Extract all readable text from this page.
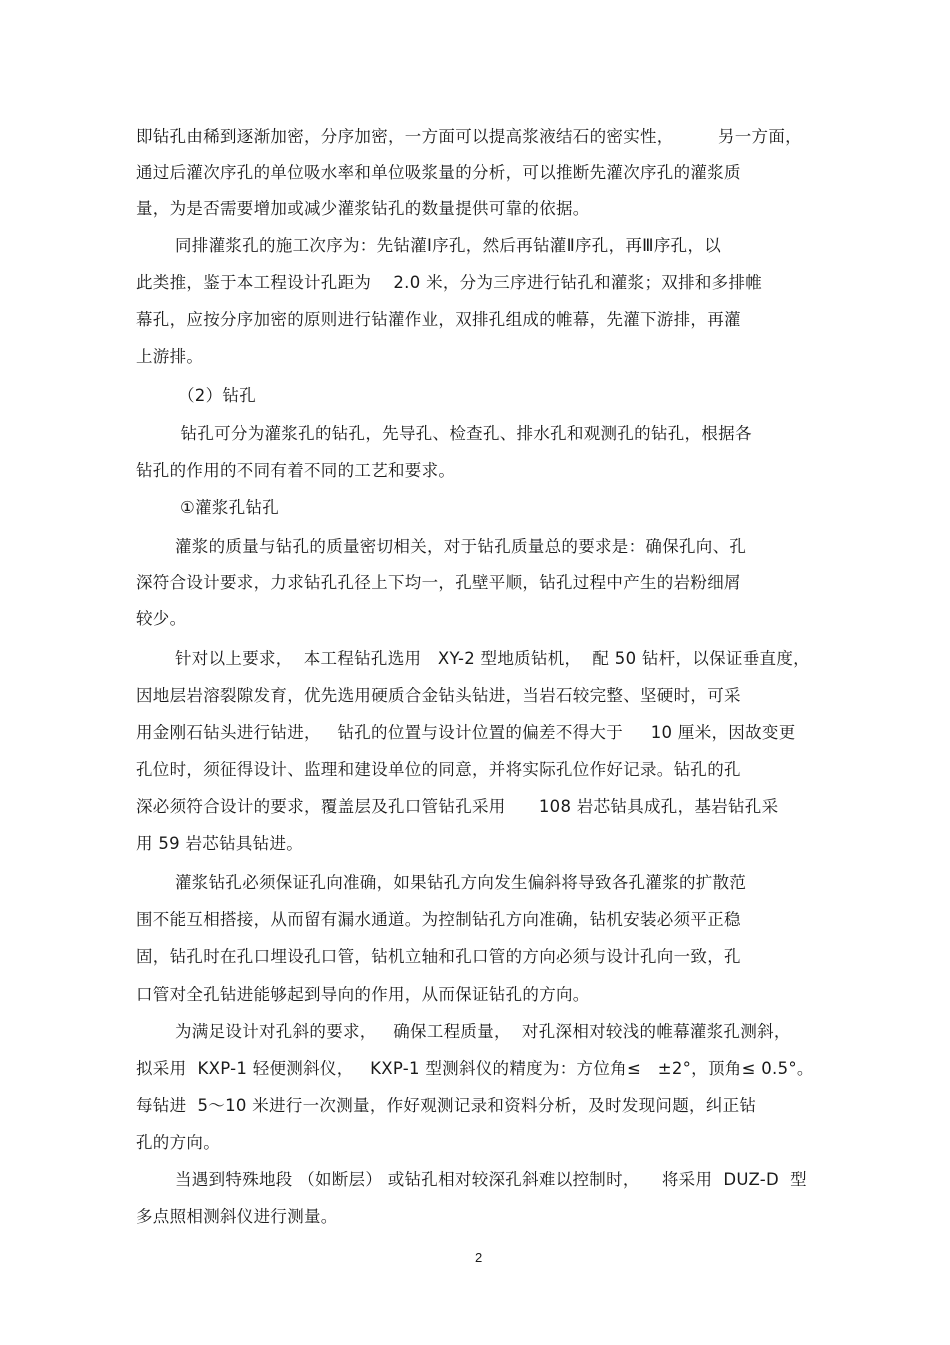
即钻孔由稀到逐渐加密，分序加密，一方面可以提高浆液结石的密实性，        另一方面，
通过后灌次序孔的单位吸水率和单位吸浆量的分析，可以推断先灌次序孔的灌浆质
量，为是否需要增加或减少灌浆钻孔的数量提供可靠的依据。
同排灌浆孔的施工次序为：先钻灌Ⅰ序孔，然后再钻灌Ⅱ序孔，再Ⅲ序孔，以
此类推，鉴于本工程设计孔距为    2.0 米，分为三序进行钻孔和灌浆；双排和多排帷
幕孔，应按分序加密的原则进行钻灌作业，双排孔组成的帷幕，先灌下游排，再灌
上游排。
（2）钻孔
钻孔可分为灌浆孔的钻孔，先导孔、检查孔、排水孔和观测孔的钻孔，根据各
钻孔的作用的不同有着不同的工艺和要求。
①灌浆孔钻孔
灌浆的质量与钻孔的质量密切相关，对于钻孔质量总的要求是：确保孔向、孔
深符合设计要求，力求钻孔孔径上下均一，孔壁平顺，钻孔过程中产生的岩粉细屑
较少。
针对以上要求，  本工程钻孔选用   XY-2 型地质钻机，  配 50 钻杆，以保证垂直度，
因地层岩溶裂隙发育，优先选用硬质合金钻头钻进，当岩石较完整、坚硬时，可采
用金刚石钻头进行钻进，   钻孔的位置与设计位置的偏差不得大于     10 厘米，因故变更
孔位时，须征得设计、监理和建设单位的同意，并将实际孔位作好记录。钻孔的孔
深必须符合设计的要求，覆盖层及孔口管钻孔采用      108 岩芯钻具成孔，基岩钻孔采
用 59 岩芯钻具钻进。
灌浆钻孔必须保证孔向准确，如果钻孔方向发生偏斜将导致各孔灌浆的扩散范
围不能互相搭接，从而留有漏水通道。为控制钻孔方向准确，钻机安装必须平正稳
固，钻孔时在孔口埋设孔口管，钻机立轴和孔口管的方向必须与设计孔向一致，孔
口管对全孔钻进能够起到导向的作用，从而保证钻孔的方向。
为满足设计对孔斜的要求，   确保工程质量，  对孔深相对较浅的帷幕灌浆孔测斜，
拟采用  KXP-1 轻便测斜仪，   KXP-1 型测斜仪的精度为：方位角≤   ±2°，顶角≤ 0.5°。
每钻进  5～10 米进行一次测量，作好观测记录和资料分析，及时发现问题，纠正钻
孔的方向。
当遇到特殊地段 （如断层） 或钻孔相对较深孔斜难以控制时，    将采用  DUZ-D  型
多点照相测斜仪进行测量。
2
